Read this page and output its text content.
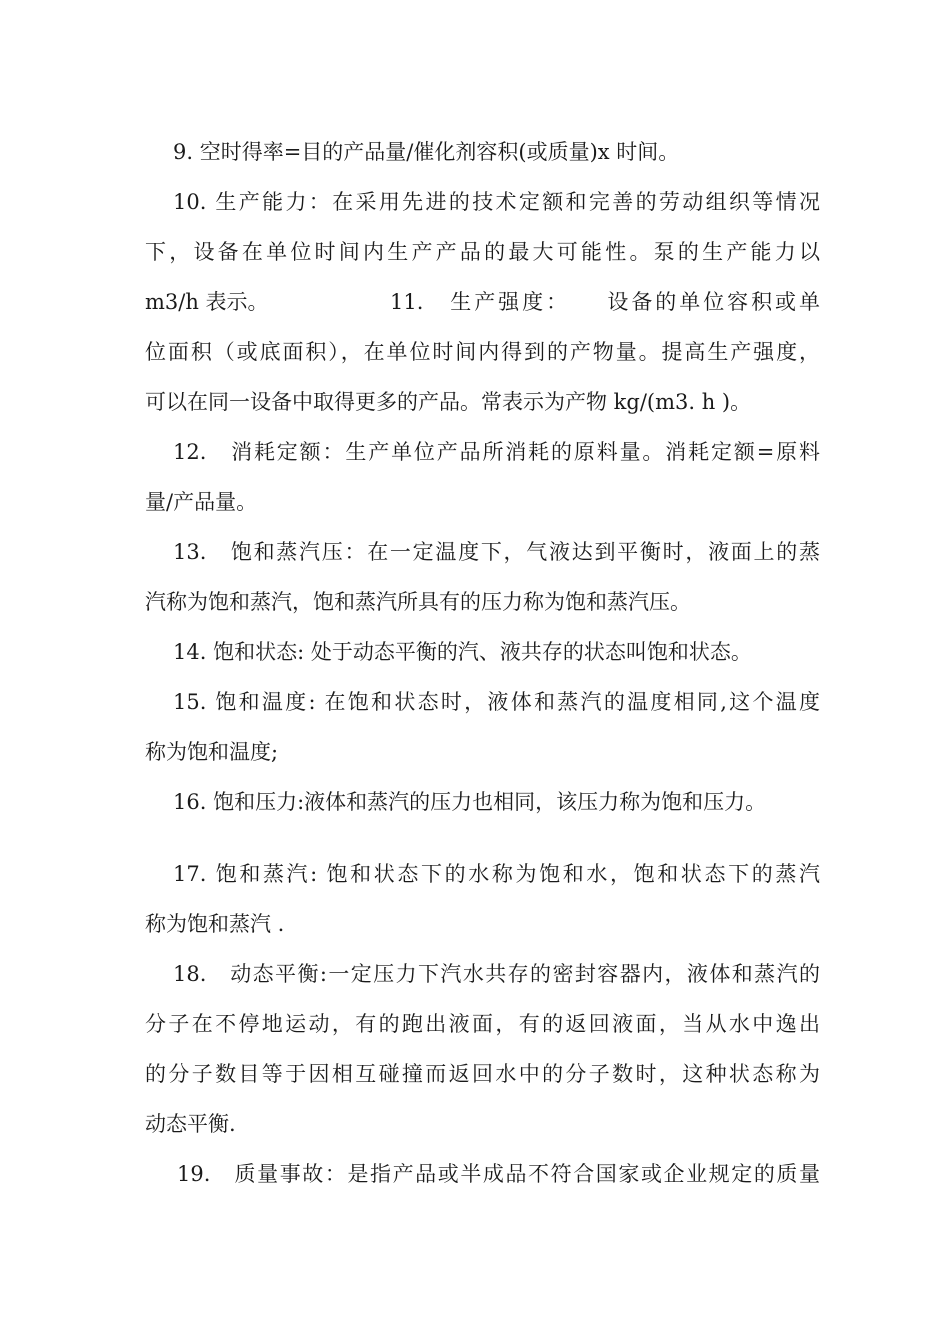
9. 空时得率=目的产品量/催化剂容积(或质量)x 时间。
10. 生产能力：在采用先进的技术定额和完善的劳动组织等情况
下，设备在单位时间内生产产品的最大可能性。泵的生产能力以
m3/h 表示。	11.　生产强度：　　设备的单位容积或单
位面积（或底面积），在单位时间内得到的产物量。提高生产强度，
可以在同一设备中取得更多的产品。常表示为产物 kg/(m3. h )。
12.　消耗定额：生产单位产品所消耗的原料量。消耗定额=原料
量/产品量。
13.　饱和蒸汽压：在一定温度下，气液达到平衡时，液面上的蒸
汽称为饱和蒸汽，饱和蒸汽所具有的压力称为饱和蒸汽压。
14. 饱和状态: 处于动态平衡的汽、液共存的状态叫饱和状态。
15. 饱和温度: 在饱和状态时，液体和蒸汽的温度相同,这个温度
称为饱和温度;
16. 饱和压力:液体和蒸汽的压力也相同，该压力称为饱和压力。
17. 饱和蒸汽: 饱和状态下的水称为饱和水，饱和状态下的蒸汽
称为饱和蒸汽 .
18.　动态平衡:一定压力下汽水共存的密封容器内，液体和蒸汽的
分子在不停地运动，有的跑出液面，有的返回液面，当从水中逸出
的分子数目等于因相互碰撞而返回水中的分子数时，这种状态称为
动态平衡.
19.　质量事故：是指产品或半成品不符合国家或企业规定的质量
